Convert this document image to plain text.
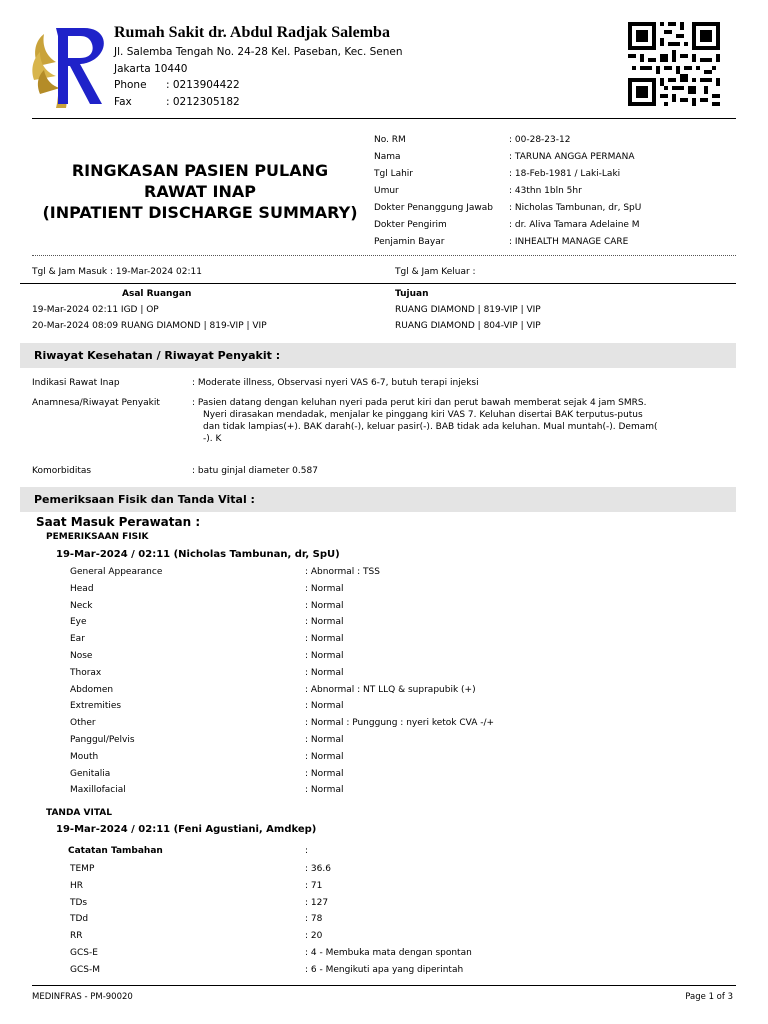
Rumah Sakit dr. Abdul Radjak Salemba
Jl. Salemba Tengah No. 24-28 Kel. Paseban, Kec. Senen
Jakarta 10440
Phone : 0213904422
Fax	: 0212305182
RINGKASAN PASIEN PULANG
RAWAT INAP
(INPATIENT DISCHARGE SUMMARY)
No. RM	: 00-28-23-12
Nama	: TARUNA ANGGA PERMANA
Tgl Lahir	: 18-Feb-1981 / Laki-Laki
Umur	: 43thn 1bln 5hr
Dokter Penanggung Jawab : Nicholas Tambunan, dr, SpU
Dokter Pengirim	: dr. Aliva Tamara Adelaine M
Penjamin Bayar	: INHEALTH MANAGE CARE
Tgl & Jam Masuk : 19-Mar-2024 02:11	Tgl & Jam Keluar :
Asal Ruangan	Tujuan
19-Mar-2024 02:11 IGD | OP	RUANG DIAMOND | 819-VIP | VIP
20-Mar-2024 08:09 RUANG DIAMOND | 819-VIP | VIP	RUANG DIAMOND | 804-VIP | VIP
Riwayat Kesehatan / Riwayat Penyakit :
Indikasi Rawat Inap	: Moderate illness, Observasi nyeri VAS 6-7, butuh terapi injeksi
Anamnesa/Riwayat Penyakit	: Pasien datang dengan keluhan nyeri pada perut kiri dan perut bawah memberat sejak 4 jam SMRS.
Nyeri dirasakan mendadak, menjalar ke pinggang kiri VAS 7. Keluhan disertai BAK terputus-putus
dan tidak lampias(+). BAK darah(-), keluar pasir(-). BAB tidak ada keluhan. Mual muntah(-). Demam(
-). K
Komorbiditas	: batu ginjal diameter 0.587
Pemeriksaan Fisik dan Tanda Vital :
Saat Masuk Perawatan :
PEMERIKSAAN FISIK
19-Mar-2024 / 02:11 (Nicholas Tambunan, dr, SpU)
General Appearance	: Abnormal : TSS
Head	: Normal
Neck	: Normal
Eye	: Normal
Ear	: Normal
Nose	: Normal
Thorax	: Normal
Abdomen	: Abnormal : NT LLQ & suprapubik (+)
Extremities	: Normal
Other	: Normal : Punggung : nyeri ketok CVA -/+
Panggul/Pelvis	: Normal
Mouth	: Normal
Genitalia	: Normal
Maxillofacial	: Normal
TANDA VITAL
19-Mar-2024 / 02:11 (Feni Agustiani, Amdkep)
Catatan Tambahan	:
TEMP	: 36.6
HR	: 71
TDs	: 127
TDd	: 78
RR	: 20
GCS-E	: 4 - Membuka mata dengan spontan
GCS-M	: 6 - Mengikuti apa yang diperintah
MEDINFRAS - PM-90020	Page 1 of 3
